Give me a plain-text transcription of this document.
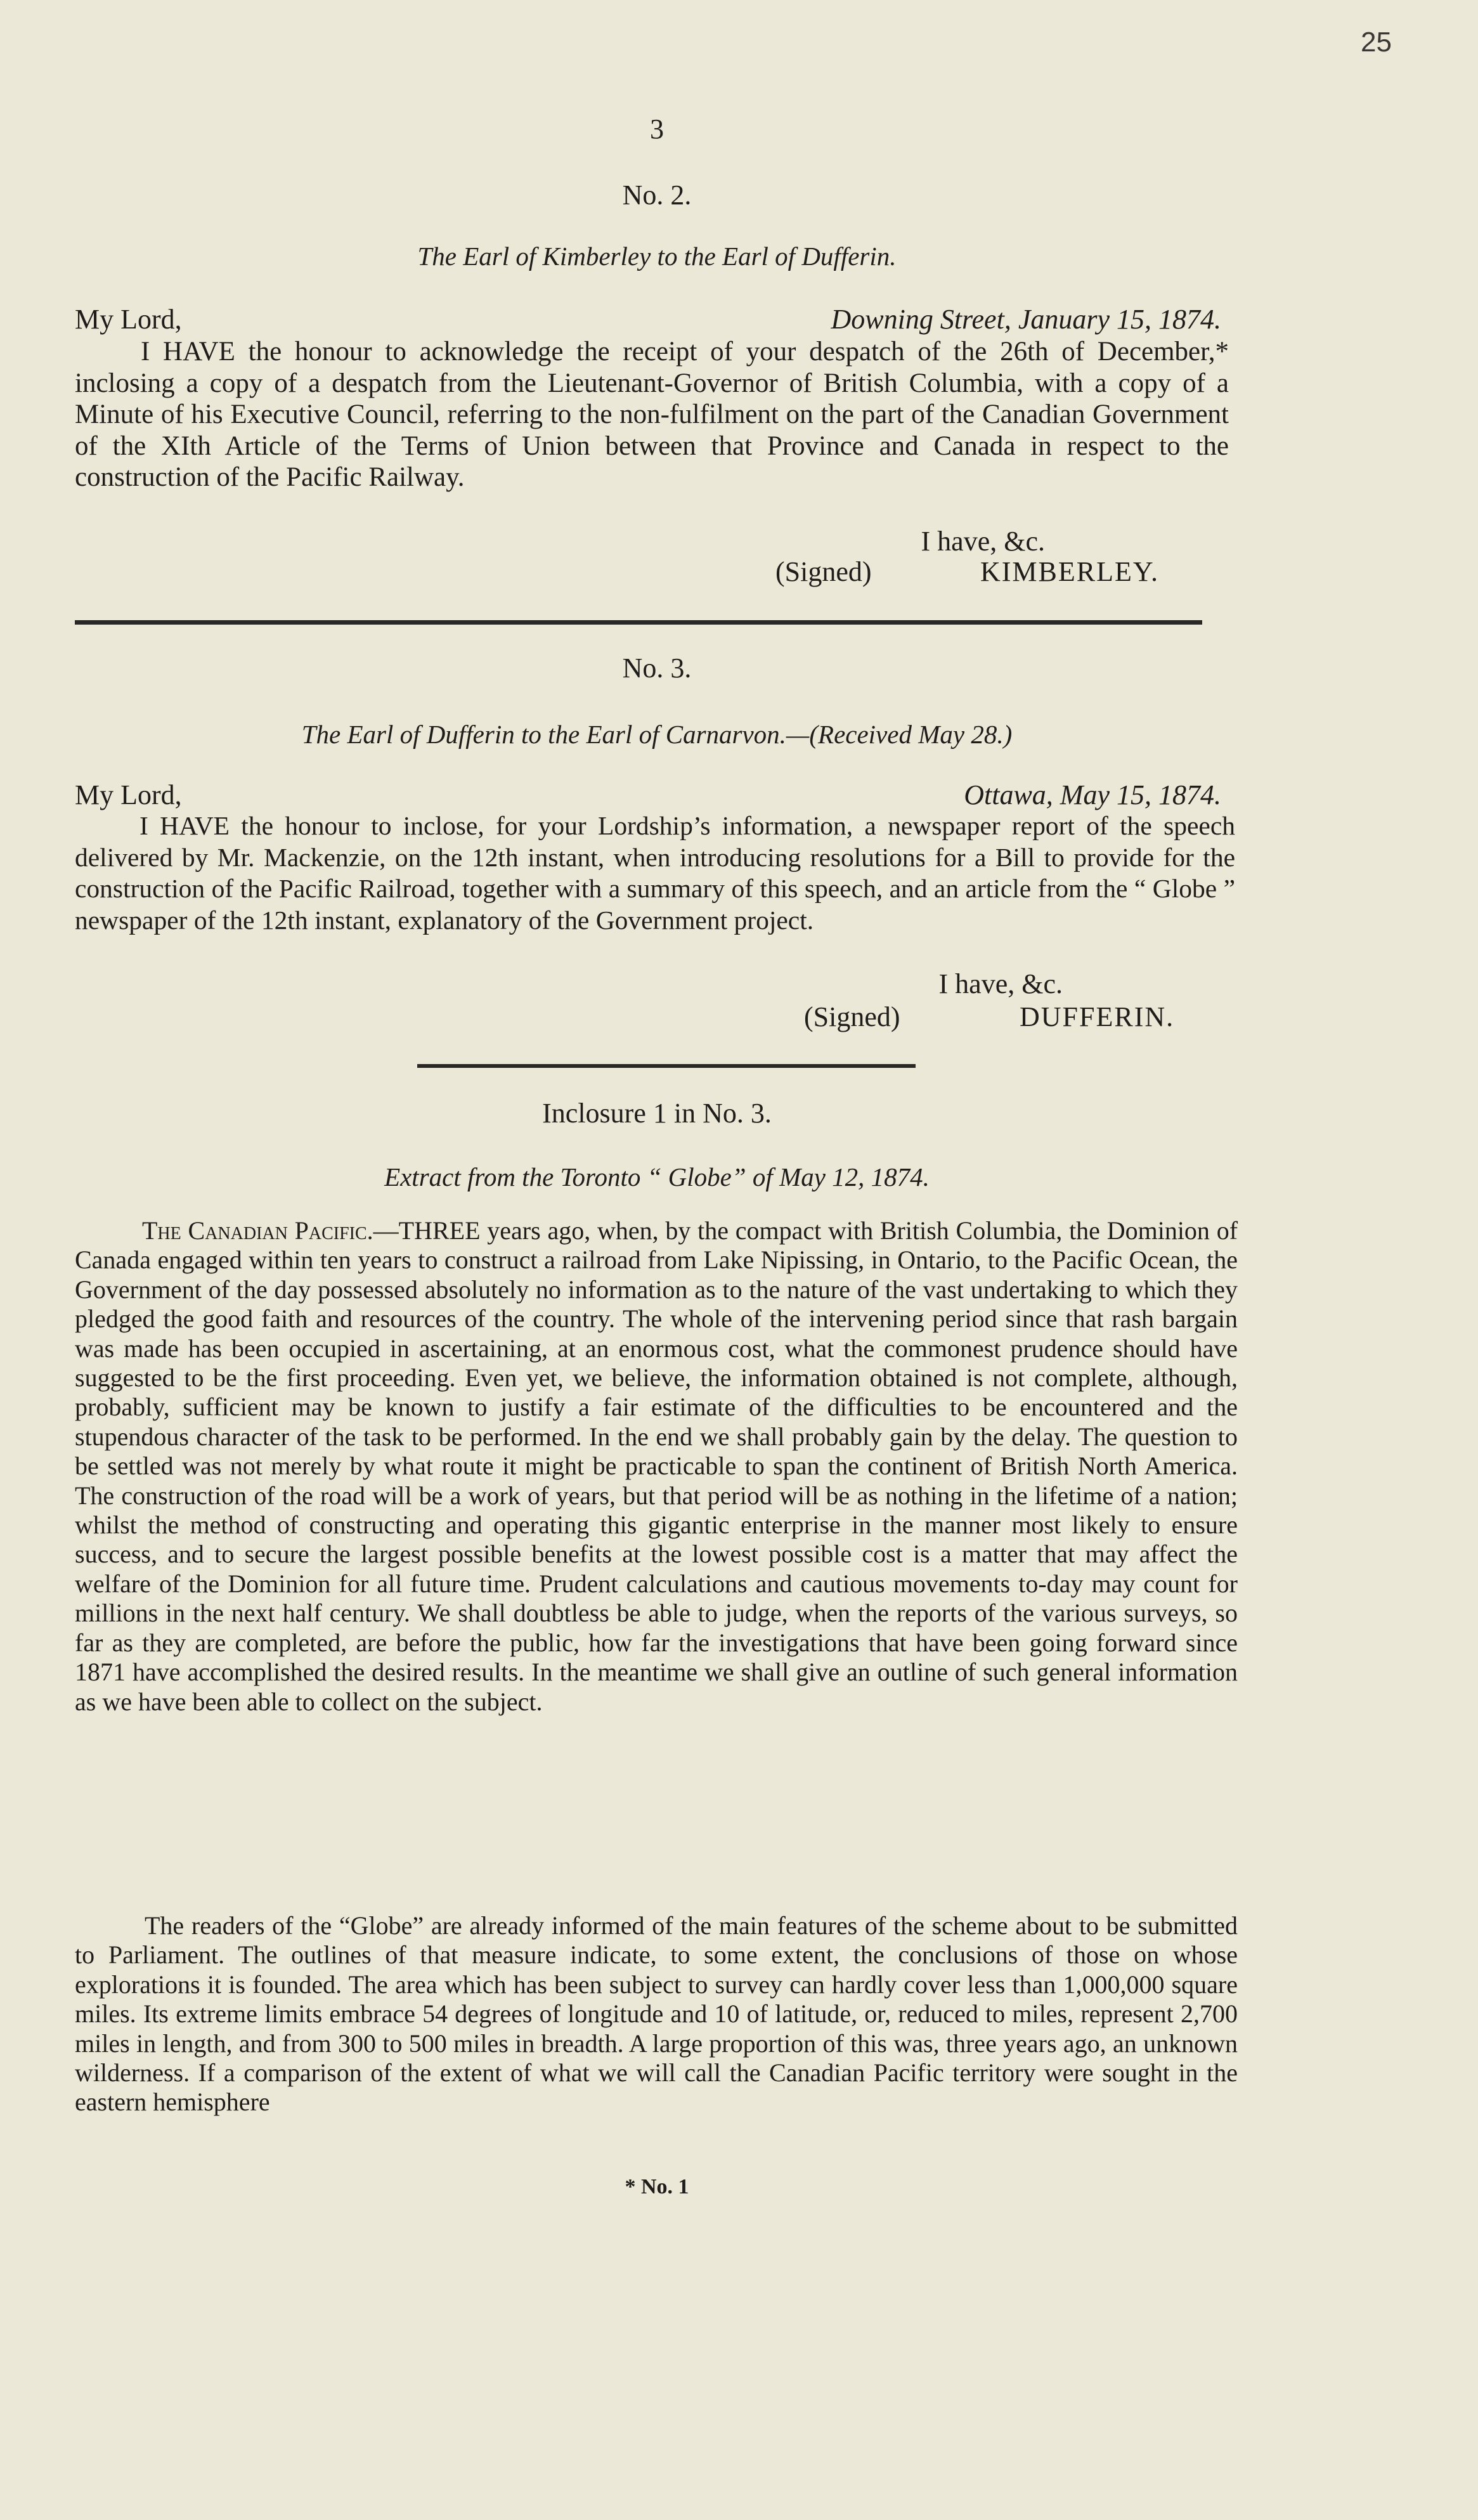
25
3
No. 2.
The Earl of Kimberley to the Earl of Dufferin.
My Lord,	Downing Street, January 15, 1874.
I HAVE the honour to acknowledge the receipt of your despatch of the 26th of December,* inclosing a copy of a despatch from the Lieutenant-Governor of British Columbia, with a copy of a Minute of his Executive Council, referring to the non-fulfilment on the part of the Canadian Government of the XIth Article of the Terms of Union between that Province and Canada in respect to the construction of the Pacific Railway.
I have, &c.
(Signed)	KIMBERLEY.
No. 3.
The Earl of Dufferin to the Earl of Carnarvon.—(Received May 28.)
My Lord,	Ottawa, May 15, 1874.
I HAVE the honour to inclose, for your Lordship’s information, a newspaper report of the speech delivered by Mr. Mackenzie, on the 12th instant, when introducing resolutions for a Bill to provide for the construction of the Pacific Railroad, together with a summary of this speech, and an article from the “ Globe ” newspaper of the 12th instant, explanatory of the Government project.
I have, &c.
(Signed)	DUFFERIN.
Inclosure 1 in No. 3.
Extract from the Toronto “ Globe” of May 12, 1874.
The Canadian Pacific.—THREE years ago, when, by the compact with British Columbia, the Dominion of Canada engaged within ten years to construct a railroad from Lake Nipissing, in Ontario, to the Pacific Ocean, the Government of the day possessed absolutely no information as to the nature of the vast undertaking to which they pledged the good faith and resources of the country. The whole of the intervening period since that rash bargain was made has been occupied in ascertaining, at an enormous cost, what the commonest prudence should have suggested to be the first proceeding. Even yet, we believe, the information obtained is not complete, although, probably, sufficient may be known to justify a fair estimate of the difficulties to be encountered and the stupendous character of the task to be performed. In the end we shall probably gain by the delay. The question to be settled was not merely by what route it might be practicable to span the continent of British North America. The construction of the road will be a work of years, but that period will be as nothing in the lifetime of a nation; whilst the method of constructing and operating this gigantic enterprise in the manner most likely to ensure success, and to secure the largest possible benefits at the lowest possible cost is a matter that may affect the welfare of the Dominion for all future time. Prudent calculations and cautious movements to-day may count for millions in the next half century. We shall doubtless be able to judge, when the reports of the various surveys, so far as they are completed, are before the public, how far the investigations that have been going forward since 1871 have accomplished the desired results. In the meantime we shall give an outline of such general information as we have been able to collect on the subject.
The readers of the “Globe” are already informed of the main features of the scheme about to be submitted to Parliament. The outlines of that measure indicate, to some extent, the conclusions of those on whose explorations it is founded. The area which has been subject to survey can hardly cover less than 1,000,000 square miles. Its extreme limits embrace 54 degrees of longitude and 10 of latitude, or, reduced to miles, represent 2,700 miles in length, and from 300 to 500 miles in breadth. A large proportion of this was, three years ago, an unknown wilderness. If a comparison of the extent of what we will call the Canadian Pacific territory were sought in the eastern hemisphere
* No. 1
